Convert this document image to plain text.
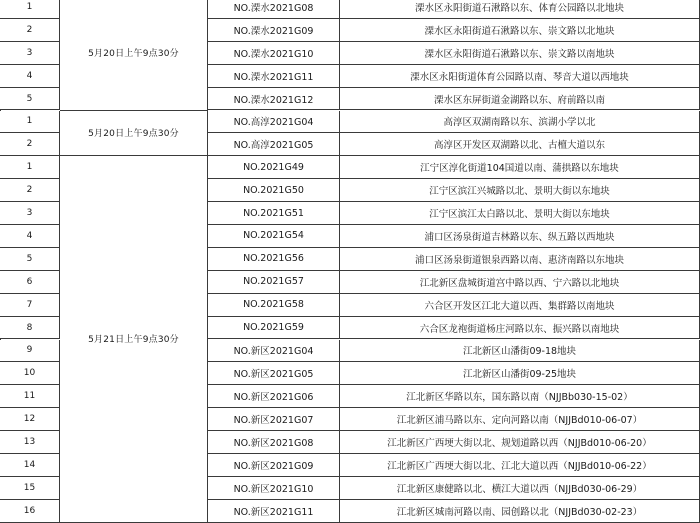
5月20日上午9点30分
1	NO.溧水2021G08	溧水区永阳街道石湫路以东、体育公园路以北地块
2	NO.溧水2021G09	溧水区永阳街道石湫路以东、崇文路以北地块
3	NO.溧水2021G10	溧水区永阳街道石湫路以东、崇文路以南地块
4	NO.溧水2021G11	溧水区永阳街道体育公园路以南、琴音大道以西地块
5	NO.溧水2021G12	溧水区东屏街道金湖路以东、府前路以南
5月20日上午9点30分
1	NO.高淳2021G04	高淳区双湖南路以东、滨湖小学以北
2	NO.高淳2021G05	高淳区开发区双湖路以北、古檀大道以东
5月21日上午9点30分
1	NO.2021G49	江宁区淳化街道104国道以南、蒲拱路以东地块
2	NO.2021G50	江宁区滨江兴城路以北、景明大街以东地块
3	NO.2021G51	江宁区滨江太白路以北、景明大街以东地块
4	NO.2021G54	浦口区汤泉街道吉林路以东、纵五路以西地块
5	NO.2021G56	浦口区汤泉街道银泉西路以南、惠济南路以东地块
6	NO.2021G57	江北新区盘城街道宫中路以西、宁六路以北地块
7	NO.2021G58	六合区开发区江北大道以西、集群路以南地块
8	NO.2021G59	六合区龙袍街道杨庄河路以东、振兴路以南地块
9	NO.新区2021G04	江北新区山潘街09-18地块
10	NO.新区2021G05	江北新区山潘街09-25地块
11	NO.新区2021G06	江北新区华路以东，国东路以南（NJJBb030-15-02）
12	NO.新区2021G07	江北新区浦马路以东、定向河路以南（NJJBd010-06-07）
13	NO.新区2021G08	江北新区广西埂大街以北、规划道路以西（NJJBd010-06-20）
14	NO.新区2021G09	江北新区广西埂大街以北、江北大道以西（NJJBd010-06-22）
15	NO.新区2021G10	江北新区康健路以北、横江大道以西（NJJBd030-06-29）
16	NO.新区2021G11	江北新区城南河路以南、园创路以北（NJJBd030-02-23）
